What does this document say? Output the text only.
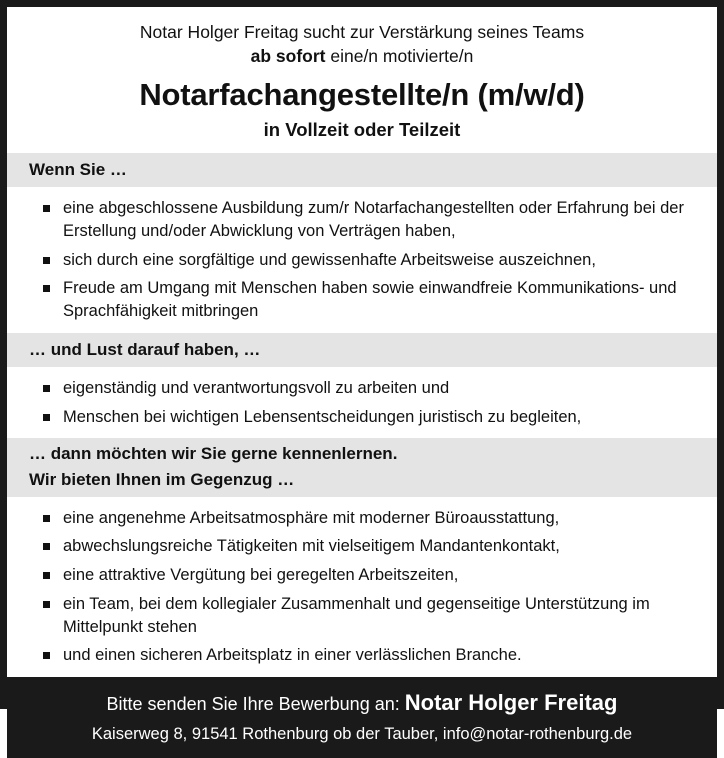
Notar Holger Freitag sucht zur Verstärkung seines Teams
ab sofort eine/n motivierte/n
Notarfachangestellte/n (m/w/d)
in Vollzeit oder Teilzeit
Wenn Sie …
eine abgeschlossene Ausbildung zum/r Notarfachangestellten oder Erfahrung bei der Erstellung und/oder Abwicklung von Verträgen haben,
sich durch eine sorgfältige und gewissenhafte Arbeitsweise auszeichnen,
Freude am Umgang mit Menschen haben sowie einwandfreie Kommunikations- und Sprachfähigkeit mitbringen
… und Lust darauf haben, …
eigenständig und verantwortungsvoll zu arbeiten und
Menschen bei wichtigen Lebensentscheidungen juristisch zu begleiten,
… dann möchten wir Sie gerne kennenlernen.
Wir bieten Ihnen im Gegenzug …
eine angenehme Arbeitsatmosphäre mit moderner Büroausstattung,
abwechslungsreiche Tätigkeiten mit vielseitigem Mandantenkontakt,
eine attraktive Vergütung bei geregelten Arbeitszeiten,
ein Team, bei dem kollegialer Zusammenhalt und gegenseitige Unterstützung im Mittelpunkt stehen
und einen sicheren Arbeitsplatz in einer verlässlichen Branche.
Bitte senden Sie Ihre Bewerbung an: Notar Holger Freitag
Kaiserweg 8, 91541 Rothenburg ob der Tauber, info@notar-rothenburg.de
